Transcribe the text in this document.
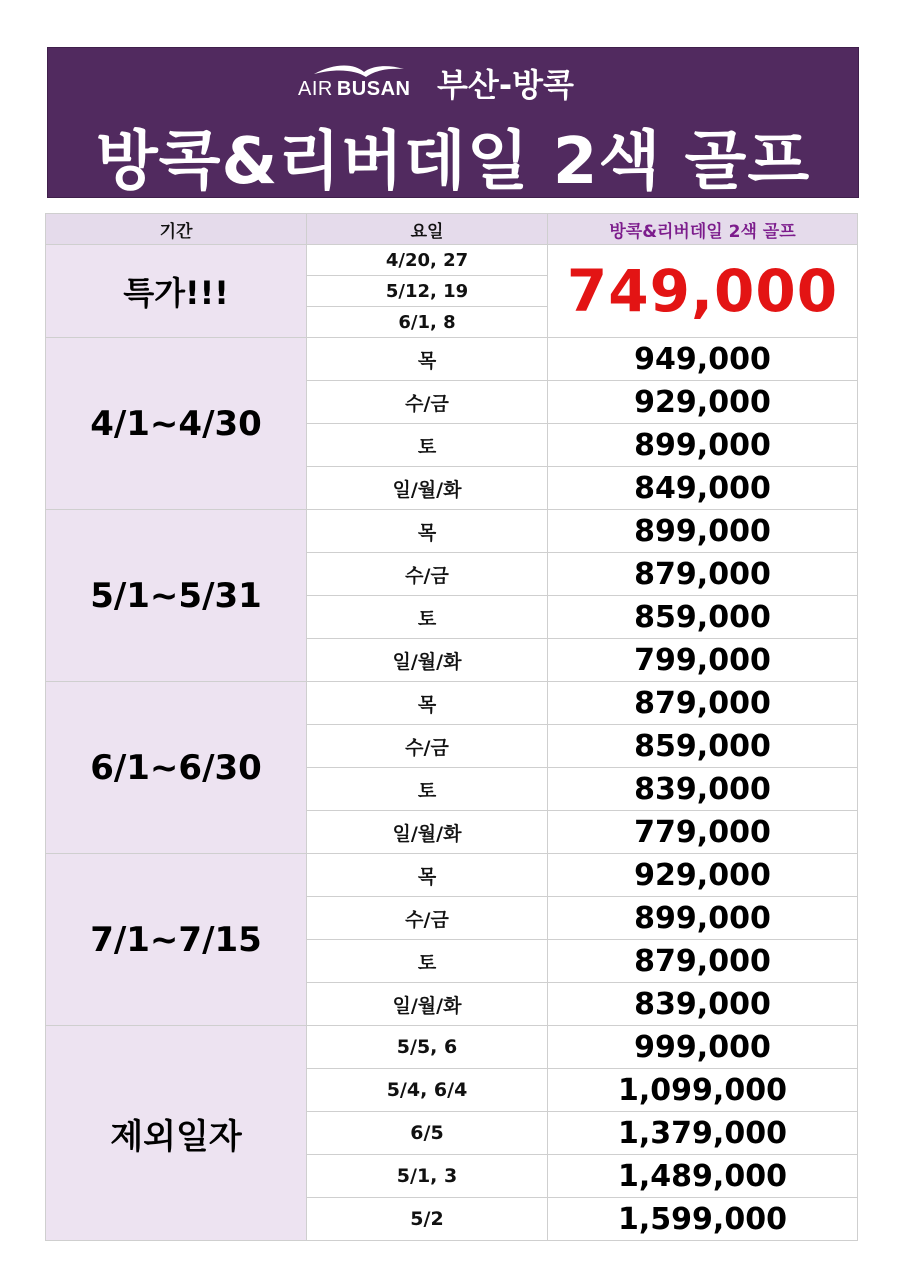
AIR BUSAN 부산-방콕
방콕&리버데일 2색 골프
기간	요일	방콕&리버데일 2색 골프
특가!!!	4/20, 27	749,000
	5/12, 19	
	6/1, 8	
4/1~4/30	목	949,000
	수/금	929,000
	토	899,000
	일/월/화	849,000
5/1~5/31	목	899,000
	수/금	879,000
	토	859,000
	일/월/화	799,000
6/1~6/30	목	879,000
	수/금	859,000
	토	839,000
	일/월/화	779,000
7/1~7/15	목	929,000
	수/금	899,000
	토	879,000
	일/월/화	839,000
제외일자	5/5, 6	999,000
	5/4, 6/4	1,099,000
	6/5	1,379,000
	5/1, 3	1,489,000
	5/2	1,599,000
